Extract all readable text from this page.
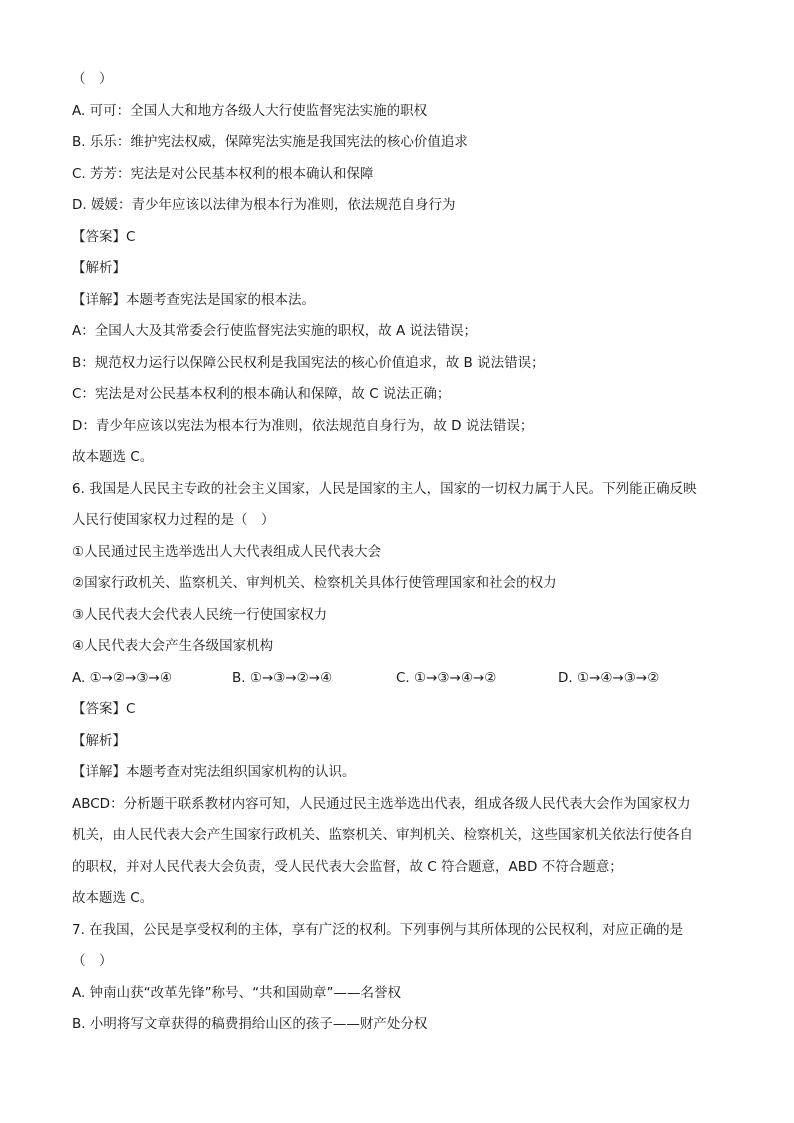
（　）
A. 可可：全国人大和地方各级人大行使监督宪法实施的职权
B. 乐乐：维护宪法权威，保障宪法实施是我国宪法的核心价值追求
C. 芳芳：宪法是对公民基本权利的根本确认和保障
D. 媛媛：青少年应该以法律为根本行为准则，依法规范自身行为
【答案】C
【解析】
【详解】本题考查宪法是国家的根本法。
A：全国人大及其常委会行使监督宪法实施的职权，故 A 说法错误；
B：规范权力运行以保障公民权利是我国宪法的核心价值追求，故 B 说法错误；
C：宪法是对公民基本权利的根本确认和保障，故 C 说法正确；
D：青少年应该以宪法为根本行为准则，依法规范自身行为，故 D 说法错误；
故本题选 C。
6. 我国是人民民主专政的社会主义国家，人民是国家的主人，国家的一切权力属于人民。下列能正确反映
人民行使国家权力过程的是（　）
①人民通过民主选举选出人大代表组成人民代表大会
②国家行政机关、监察机关、审判机关、检察机关具体行使管理国家和社会的权力
③人民代表大会代表人民统一行使国家权力
④人民代表大会产生各级国家机构
A. ①→②→③→④	B. ①→③→②→④	C. ①→③→④→②	D. ①→④→③→②
【答案】C
【解析】
【详解】本题考查对宪法组织国家机构的认识。
ABCD：分析题干联系教材内容可知，人民通过民主选举选出代表，组成各级人民代表大会作为国家权力
机关，由人民代表大会产生国家行政机关、监察机关、审判机关、检察机关，这些国家机关依法行使各自
的职权，并对人民代表大会负责，受人民代表大会监督，故 C 符合题意，ABD 不符合题意；
故本题选 C。
7. 在我国，公民是享受权利的主体，享有广泛的权利。下列事例与其所体现的公民权利，对应正确的是
（　）
A. 钟南山获“改革先锋”称号、“共和国勋章”——名誉权
B. 小明将写文章获得的稿费捐给山区的孩子——财产处分权
